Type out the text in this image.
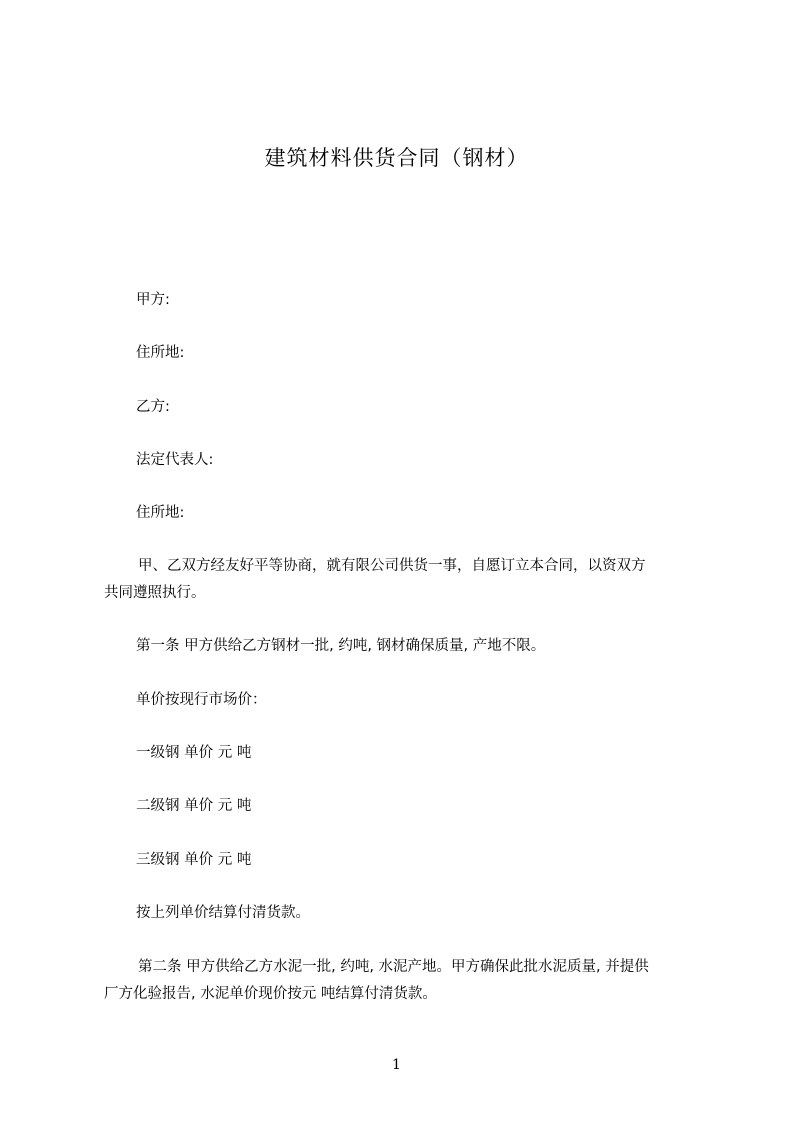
建筑材料供货合同（钢材）
甲方:
住所地:
乙方:
法定代表人:
住所地:
甲、乙双方经友好平等协商，就有限公司供货一事，自愿订立本合同，以资双方
共同遵照执行。
第一条 甲方供给乙方钢材一批, 约吨, 钢材确保质量, 产地不限。
单价按现行市场价：
一级钢 单价 元 吨
二级钢 单价 元 吨
三级钢 单价 元 吨
按上列单价结算付清货款。
第二条 甲方供给乙方水泥一批, 约吨, 水泥产地。甲方确保此批水泥质量, 并提供
厂方化验报告, 水泥单价现价按元 吨结算付清货款。
1
